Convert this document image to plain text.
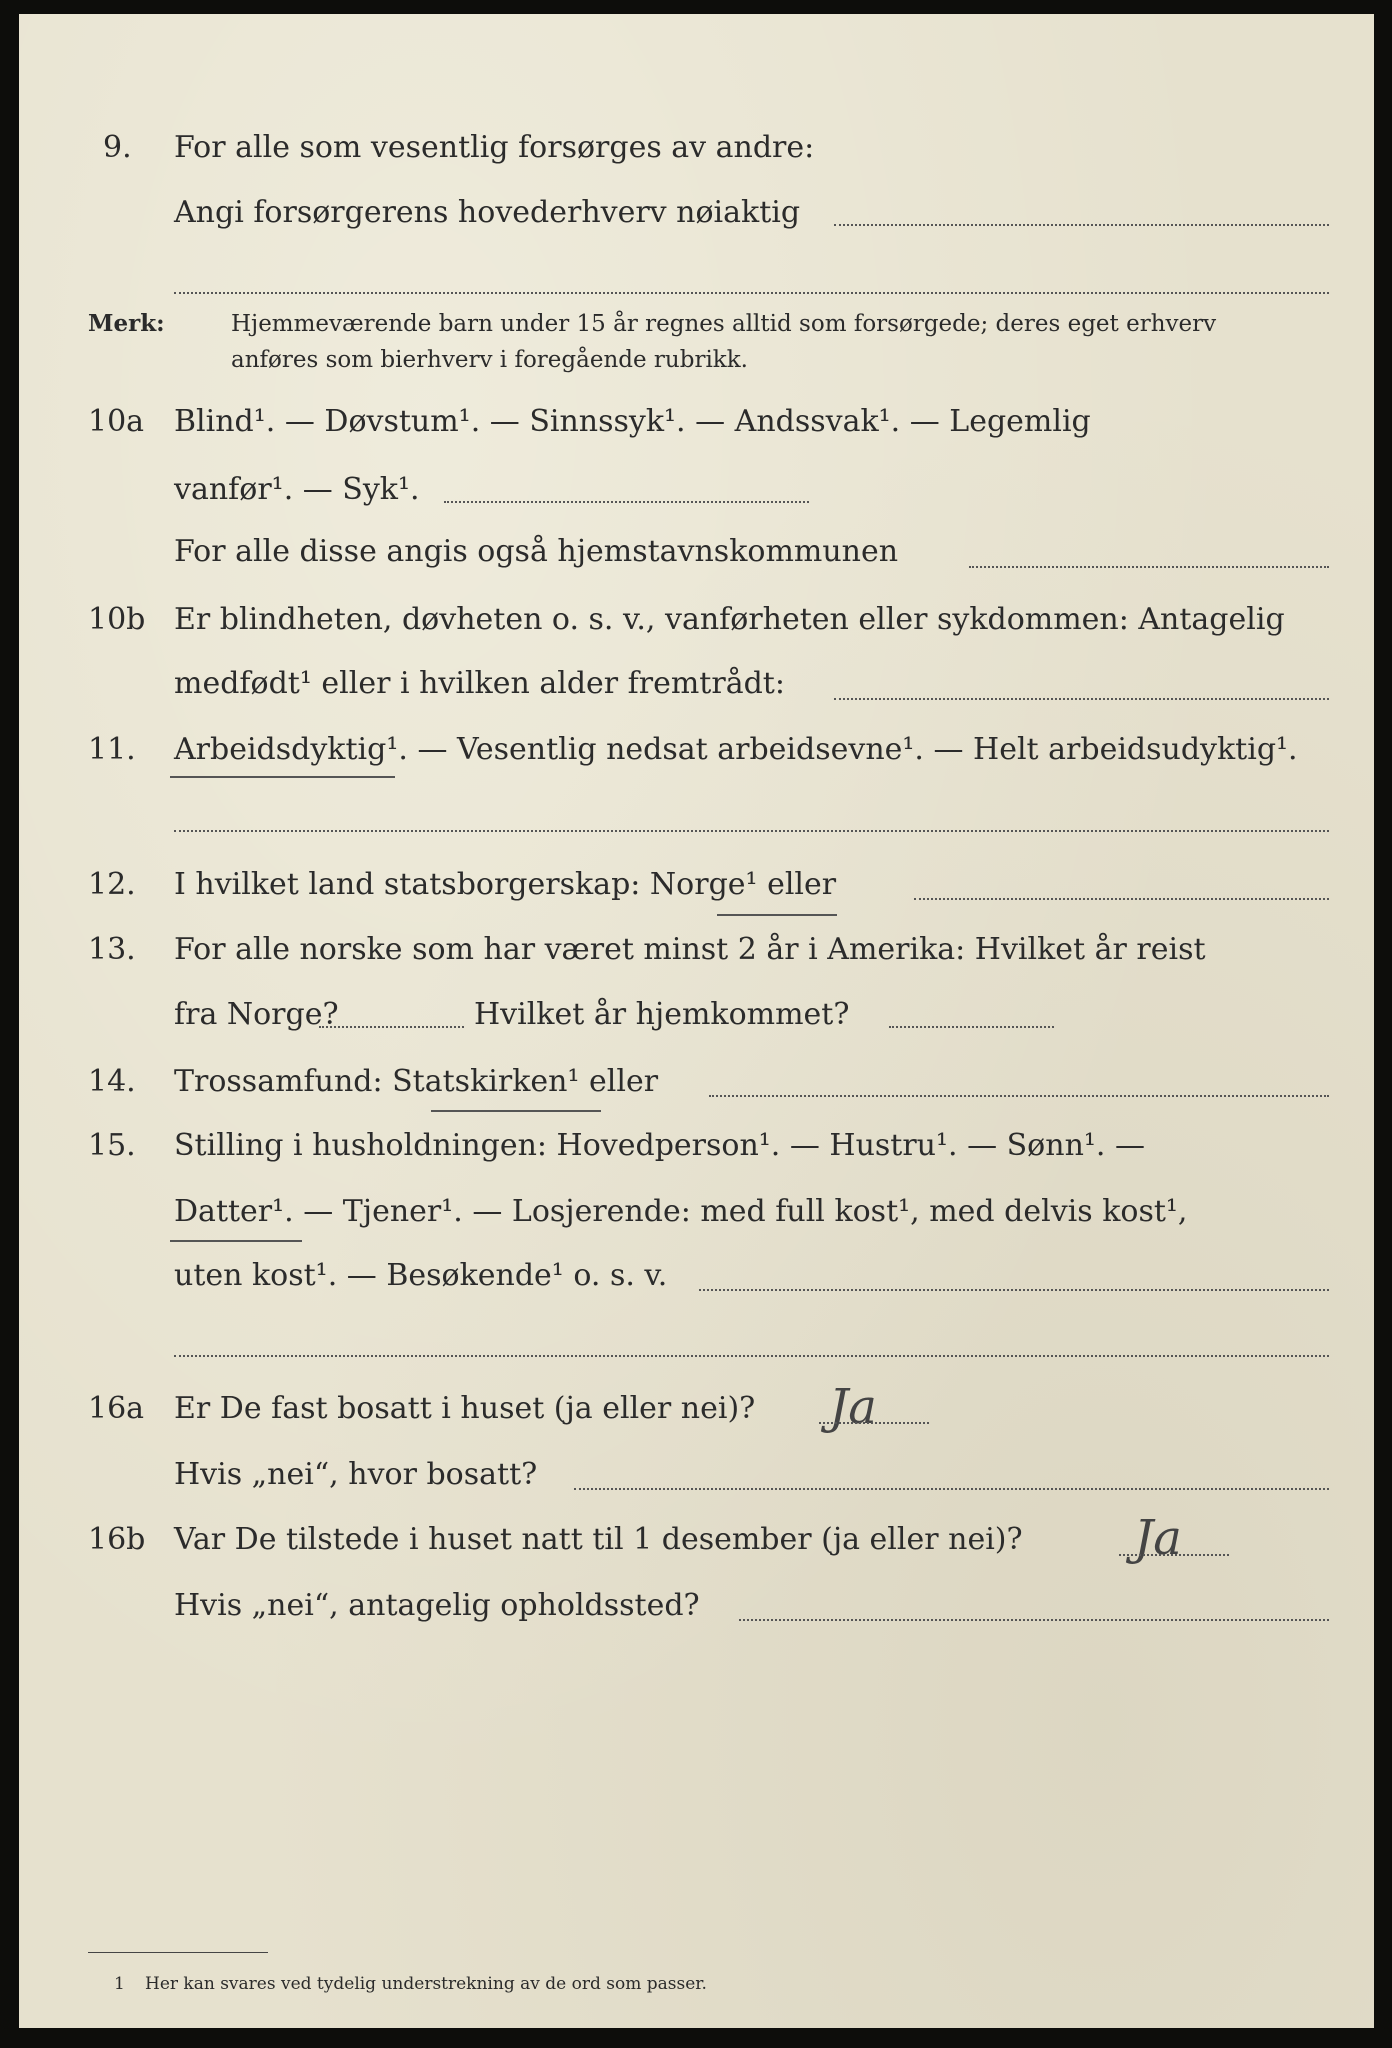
9. For alle som vesentlig forsørges av andre:
Angi forsørgerens hovederhverv nøiaktig
Merk:	Hjemmeværende barn under 15 år regnes alltid som forsørgede; deres eget erhverv
anføres som bierhverv i foregående rubrikk.
10a Blind¹. — Døvstum¹. — Sinnssyk¹. — Andssvak¹. — Legemlig
vanfør¹. — Syk¹.
For alle disse angis også hjemstavnskommunen
10b Er blindheten, døvheten o. s. v., vanførheten eller sykdommen: Antagelig
medfødt¹ eller i hvilken alder fremtrådt:
11. Arbeidsdyktig¹. — Vesentlig nedsat arbeidsevne¹. — Helt arbeidsudyktig¹.
12. I hvilket land statsborgerskap: Norge¹ eller
13. For alle norske som har været minst 2 år i Amerika: Hvilket år reist
fra Norge?	Hvilket år hjemkommet?
14. Trossamfund: Statskirken¹ eller
15. Stilling i husholdningen: Hovedperson¹. — Hustru¹. — Sønn¹. —
Datter¹. — Tjener¹. — Losjerende: med full kost¹, med delvis kost¹,
uten kost¹. — Besøkende¹ o. s. v.
16a Er De fast bosatt i huset (ja eller nei)? Ja
Hvis „nei“, hvor bosatt?
16b Var De tilstede i huset natt til 1 desember (ja eller nei)? Ja
Hvis „nei“, antagelig opholdssted?
1 Her kan svares ved tydelig understrekning av de ord som passer.
